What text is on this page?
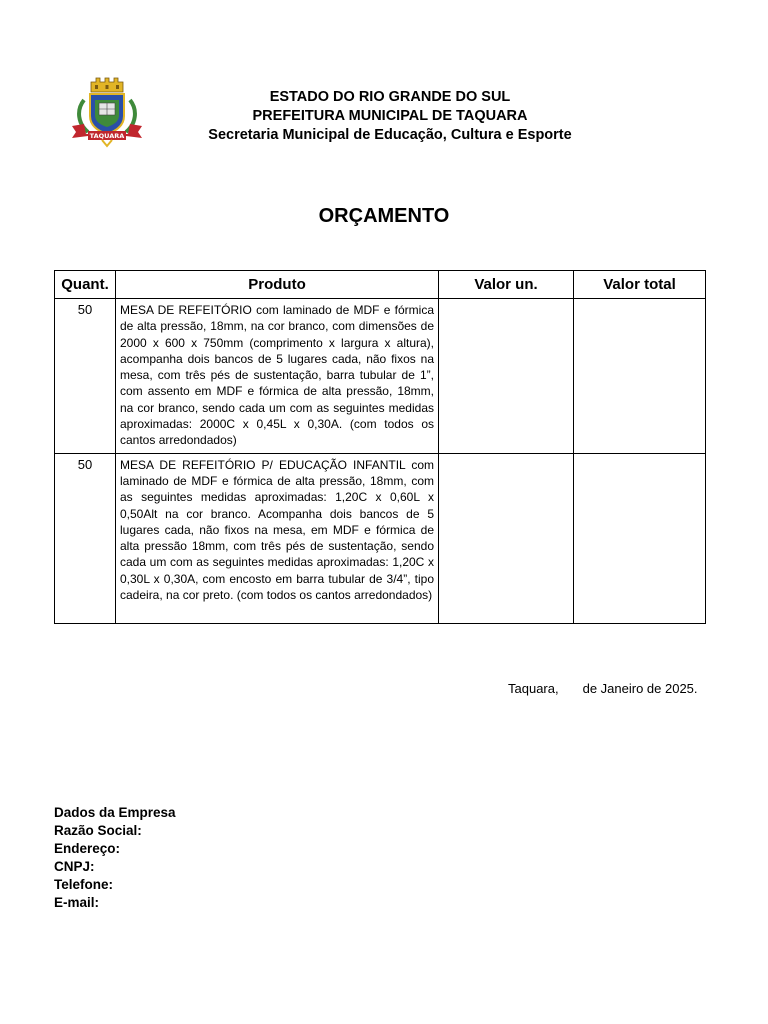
TAQUARA
ESTADO DO RIO GRANDE DO SUL
PREFEITURA MUNICIPAL DE TAQUARA
Secretaria Municipal de Educação, Cultura e Esporte
ORÇAMENTO
Quant.	Produto	Valor un.	Valor total
50	MESA DE REFEITÓRIO com laminado de MDF e fórmica de alta pressão, 18mm, na cor branco, com dimensões de 2000 x 600 x 750mm (comprimento x largura x altura), acompanha dois bancos de 5 lugares cada, não fixos na mesa, com três pés de sustentação, barra tubular de 1”, com assento em MDF e fórmica de alta pressão, 18mm, na cor branco, sendo cada um com as seguintes medidas aproximadas: 2000C x 0,45L x 0,30A. (com todos os cantos arredondados)		
50	MESA DE REFEITÓRIO P/ EDUCAÇÃO INFANTIL com laminado de MDF e fórmica de alta pressão, 18mm, com as seguintes medidas aproximadas: 1,20C x 0,60L x 0,50Alt na cor branco. Acompanha dois bancos de 5 lugares cada, não fixos na mesa, em MDF e fórmica de alta pressão 18mm, com três pés de sustentação, sendo cada um com as seguintes medidas aproximadas: 1,20C x 0,30L x 0,30A, com encosto em barra tubular de 3/4”, tipo cadeira, na cor preto. (com todos os cantos arredondados)		
Taquara, de Janeiro de 2025.
Dados da Empresa
Razão Social:
Endereço:
CNPJ:
Telefone:
E-mail:
